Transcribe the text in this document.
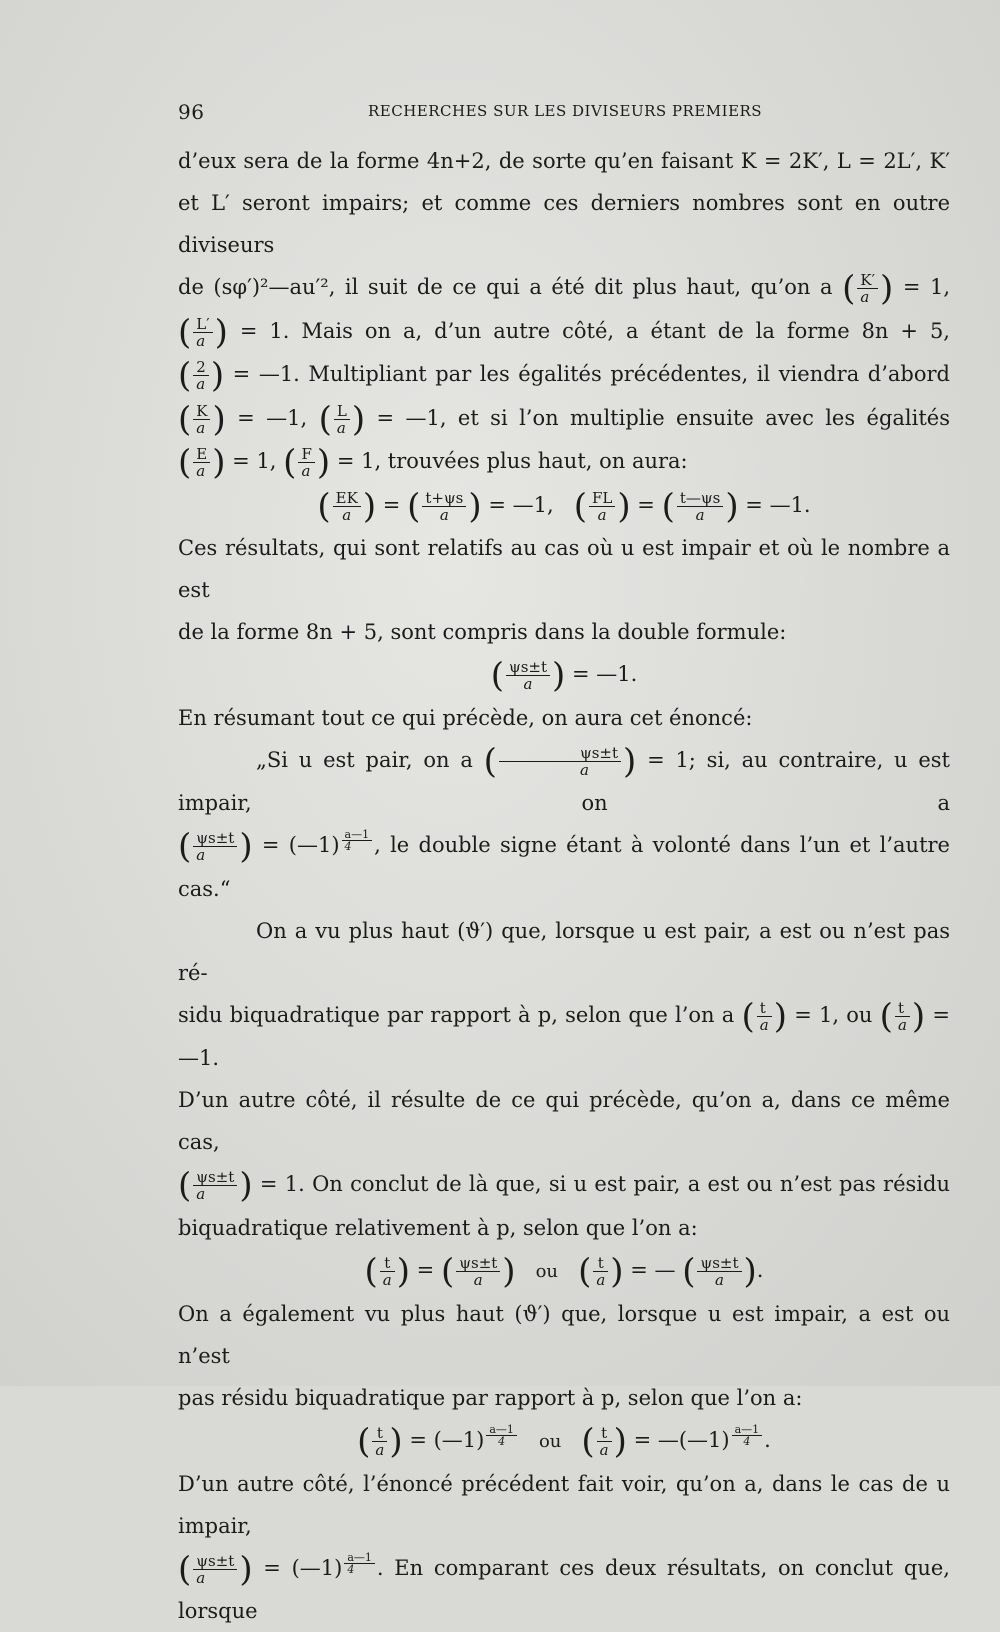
96	RECHERCHES SUR LES DIVISEURS PREMIERS

d’eux sera de la forme 4n+2, de sorte qu’en faisant K = 2K′, L = 2L′, K′

et L′ seront impairs; et comme ces derniers nombres sont en outre diviseurs

de (sφ′)²—au′², il suit de ce qui a été dit plus haut, qu’on a ( $\frac{K'}{a}$ ) = 1,

( $\frac{L'}{a}$ ) = 1. Mais on a, d’un autre côté, a étant de la forme 8n + 5,

( $\frac{2}{a}$ ) = —1. Multipliant par les égalités précédentes, il viendra d’abord

( $\frac{K}{a}$ ) = —1, ( $\frac{L}{a}$ ) = —1, et si l’on multiplie ensuite avec les égalités

( $\frac{E}{a}$ ) = 1, ( $\frac{F}{a}$ ) = 1, trouvées plus haut, on aura:

( $\frac{EK}{a}$ ) = ( $\frac{t+\psi s}{a}$ ) = —1, ( $\frac{FL}{a}$ ) = ( $\frac{t—\psi s}{a}$ ) = —1.

Ces résultats, qui sont relatifs au cas où u est impair et où le nombre a est

de la forme 8n + 5, sont compris dans la double formule:

( $\frac{\psi s\pm t}{a}$ ) = —1.

En résumant tout ce qui précède, on aura cet énoncé:

„Si u est pair, on a ( $\frac{\psi s\pm t}{a}$ ) = 1; si, au contraire, u est impair, on a

( $\frac{\psi s\pm t}{a}$ ) = (—1) $^{\frac{a—1}{4}}$ , le double signe étant à volonté dans l’un et l’autre cas.“

On a vu plus haut (ϑ′) que, lorsque u est pair, a est ou n’est pas ré-

sidu biquadratique par rapport à p, selon que l’on a ( $\frac{t}{a}$ ) = 1, ou ( $\frac{t}{a}$ ) = —1.

D’un autre côté, il résulte de ce qui précède, qu’on a, dans ce même cas,

( $\frac{\psi s\pm t}{a}$ ) = 1. On conclut de là que, si u est pair, a est ou n’est pas résidu

biquadratique relativement à p, selon que l’on a:

( $\frac{t}{a}$ ) = ( $\frac{\psi s\pm t}{a}$ ) ou ( $\frac{t}{a}$ ) = — ( $\frac{\psi s\pm t}{a}$ ).

On a également vu plus haut (ϑ′) que, lorsque u est impair, a est ou n’est

pas résidu biquadratique par rapport à p, selon que l’on a:

( $\frac{t}{a}$ ) = (—1) $^{\frac{a—1}{4}}$ ou ( $\frac{t}{a}$ ) = —(—1) $^{\frac{a—1}{4}}$ .

D’un autre côté, l’énoncé précédent fait voir, qu’on a, dans le cas de u impair,

( $\frac{\psi s\pm t}{a}$ ) = (—1) $^{\frac{a—1}{4}}$ . En comparant ces deux résultats, on conclut que, lorsque
